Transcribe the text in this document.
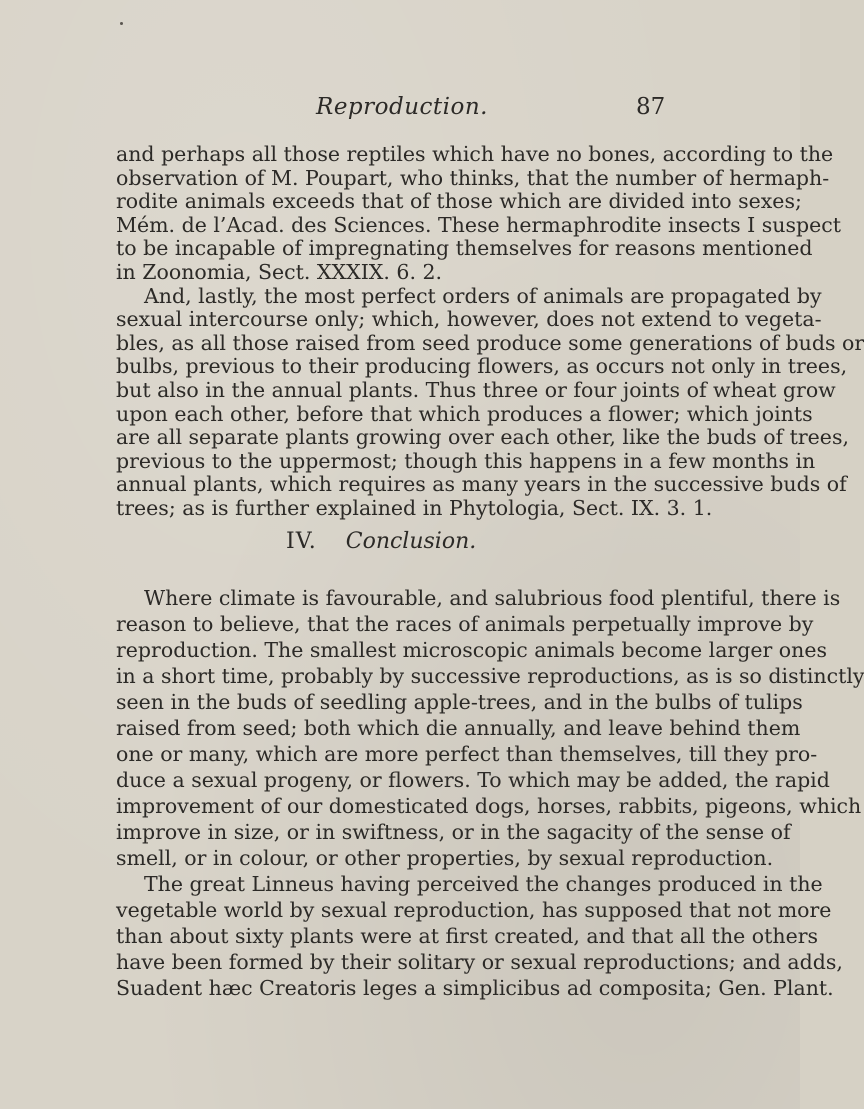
Reproduction.	87
and perhaps all those reptiles which have no bones, according to the
observation of M. Poupart, who thinks, that the number of hermaph-
rodite animals exceeds that of those which are divided into sexes;
Mém. de l’Acad. des Sciences. These hermaphrodite insects I suspect
to be incapable of impregnating themselves for reasons mentioned
in Zoonomia, Sect. XXXIX. 6. 2.
And, lastly, the most perfect orders of animals are propagated by
sexual intercourse only; which, however, does not extend to vegeta-
bles, as all those raised from seed produce some generations of buds or
bulbs, previous to their producing flowers, as occurs not only in trees,
but also in the annual plants. Thus three or four joints of wheat grow
upon each other, before that which produces a flower; which joints
are all separate plants growing over each other, like the buds of trees,
previous to the uppermost; though this happens in a few months in
annual plants, which requires as many years in the successive buds of
IV. Conclusion.
Where climate is favourable, and salubrious food plentiful, there is
reason to believe, that the races of animals perpetually improve by
reproduction. The smallest microscopic animals become larger ones
in a short time, probably by successive reproductions, as is so distinctly
seen in the buds of seedling apple-trees, and in the bulbs of tulips
raised from seed; both which die annually, and leave behind them
one or many, which are more perfect than themselves, till they pro-
duce a sexual progeny, or flowers. To which may be added, the rapid
improvement of our domesticated dogs, horses, rabbits, pigeons, which
improve in size, or in swiftness, or in the sagacity of the sense of
smell, or in colour, or other properties, by sexual reproduction.
The great Linneus having perceived the changes produced in the
vegetable world by sexual reproduction, has supposed that not more
than about sixty plants were at first created, and that all the others
have been formed by their solitary or sexual reproductions; and adds,
Suadent hæc Creatoris leges a simplicibus ad composita; Gen. Plant.
trees; as is further explained in Phytologia, Sect. IX. 3. 1.
